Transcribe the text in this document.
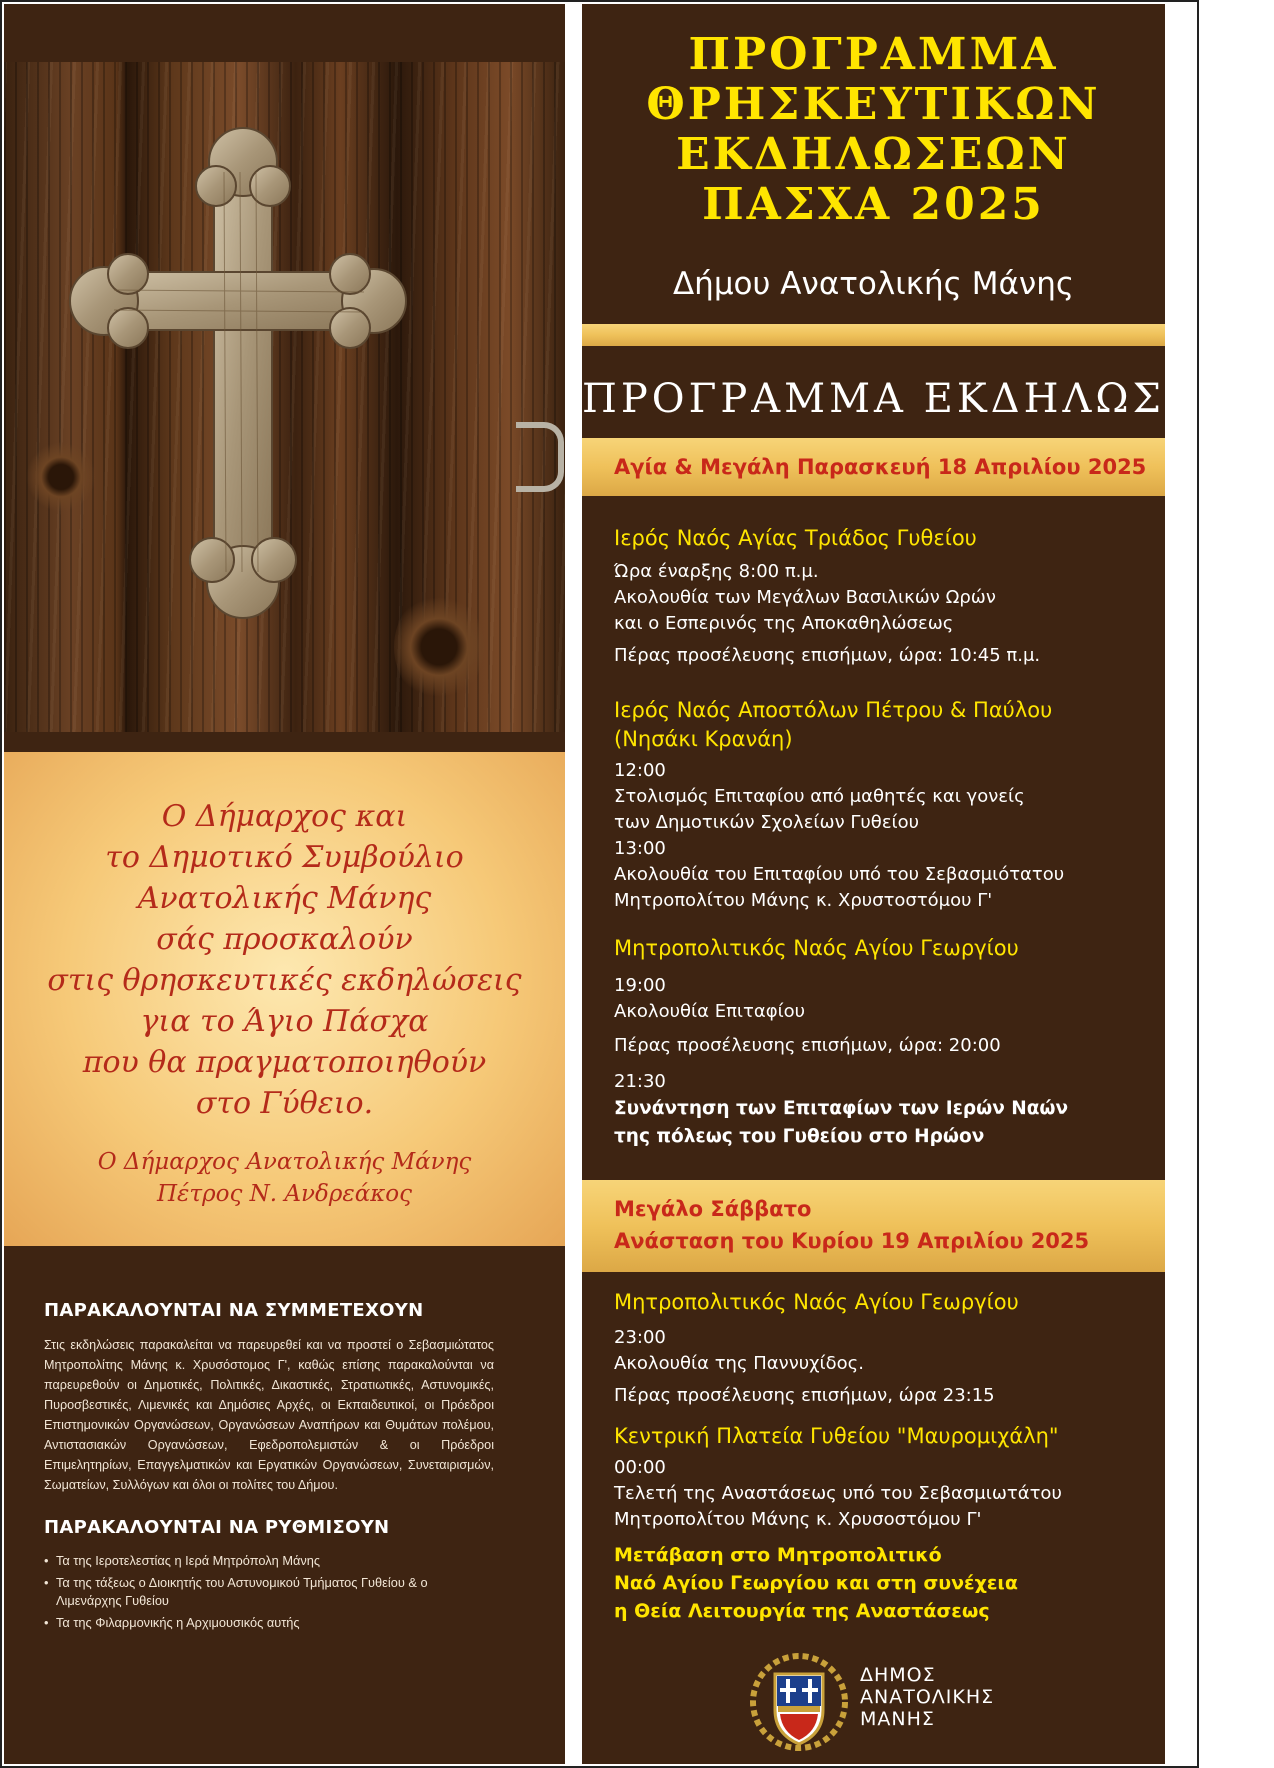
Ο Δήμαρχος και
το Δημοτικό Συμβούλιο
Ανατολικής Μάνης
σάς προσκαλούν
στις θρησκευτικές εκδηλώσεις
για το Άγιο Πάσχα
που θα πραγματοποιηθούν
στο Γύθειο.
Ο Δήμαρχος Ανατολικής Μάνης
Πέτρος Ν. Ανδρεάκος
ΠΑΡΑΚΑΛΟΥΝΤΑΙ ΝΑ ΣΥΜΜΕΤΕΧΟΥΝ

Στις εκδηλώσεις παρακαλείται να παρευρεθεί και να προστεί ο Σεβασμιώτατος Μητροπολίτης Μάνης κ. Χρυσόστομος Γ', καθώς επίσης παρακαλούνται να παρευρεθούν οι Δημοτικές, Πολιτικές, Δικαστικές, Στρατιωτικές, Αστυνομικές, Πυροσβεστικές, Λιμενικές και Δημόσιες Αρχές, οι Εκπαιδευτικοί, οι Πρόεδροι Επιστημονικών Οργανώσεων, Οργανώσεων Αναπήρων και Θυμάτων πολέμου, Αντιστασιακών Οργανώσεων, Εφεδροπολεμιστών & οι Πρόεδροι Επιμελητηρίων, Επαγγελματικών και Εργατικών Οργανώσεων, Συνεταιρισμών, Σωματείων, Συλλόγων και όλοι οι πολίτες του Δήμου.

ΠΑΡΑΚΑΛΟΥΝΤΑΙ ΝΑ ΡΥΘΜΙΣΟΥΝ
• Τα της Ιεροτελεστίας η Ιερά Μητρόπολη Μάνης
• Τα της τάξεως ο Διοικητής του Αστυνομικού Τμήματος Γυθείου & ο Λιμενάρχης Γυθείου
• Τα της Φιλαρμονικής η Αρχιμουσικός αυτής
ΠΡΟΓΡΑΜΜΑ
ΘΡΗΣΚΕΥΤΙΚΩΝ
ΕΚΔΗΛΩΣΕΩΝ
ΠΑΣΧΑ 2025
Δήμου Ανατολικής Μάνης
ΠΡΟΓΡΑΜΜΑ ΕΚΔΗΛΩΣΕΩΝ
Αγία & Μεγάλη Παρασκευή 18 Απριλίου 2025
Ιερός Ναός Αγίας Τριάδος Γυθείου
Ώρα έναρξης 8:00 π.μ.
Ακολουθία των Μεγάλων Βασιλικών Ωρών
και ο Εσπερινός της Αποκαθηλώσεως
Πέρας προσέλευσης επισήμων, ώρα: 10:45 π.μ.
Ιερός Ναός Αποστόλων Πέτρου & Παύλου
(Νησάκι Κρανάη)
12:00
Στολισμός Επιταφίου από μαθητές και γονείς
των Δημοτικών Σχολείων Γυθείου
13:00
Ακολουθία του Επιταφίου υπό του Σεβασμιότατου
Μητροπολίτου Μάνης κ. Χρυστοστόμου Γ'
Μητροπολιτικός Ναός Αγίου Γεωργίου
19:00
Ακολουθία Επιταφίου
Πέρας προσέλευσης επισήμων, ώρα: 20:00
21:30
Συνάντηση των Επιταφίων των Ιερών Ναών
της πόλεως του Γυθείου στο Ηρώον
Μεγάλο Σάββατο
Ανάσταση του Κυρίου 19 Απριλίου 2025
Μητροπολιτικός Ναός Αγίου Γεωργίου
23:00
Ακολουθία της Παννυχίδος.
Πέρας προσέλευσης επισήμων, ώρα 23:15
Κεντρική Πλατεία Γυθείου "Μαυρομιχάλη"
00:00
Τελετή της Αναστάσεως υπό του Σεβασμιωτάτου
Μητροπολίτου Μάνης κ. Χρυσοστόμου Γ'
Μετάβαση στο Μητροπολιτικό
Ναό Αγίου Γεωργίου και στη συνέχεια
η Θεία Λειτουργία της Αναστάσεως
ΔΗΜΟΣ
ΑΝΑΤΟΛΙΚΗΣ
ΜΑΝΗΣ
